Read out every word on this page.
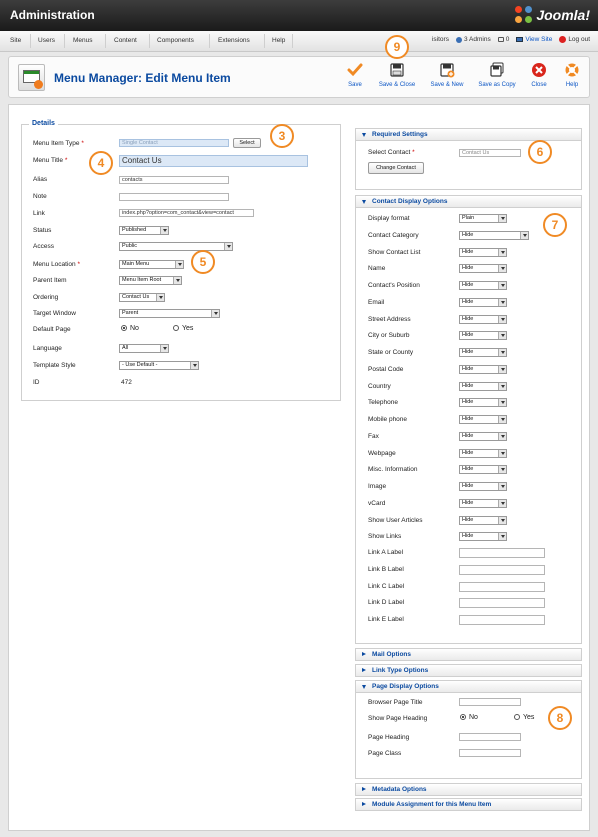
Administration	Joomla!
Site	Users	Menus	Content	Components	Extensions	Help	isitors 3 Admins 0 View Site Log out
Menu Manager: Edit Menu Item	Save	Save & Close	Save & New	Save as Copy	Close	Help
Details
Menu Item Type *	Single Contact	Select
Menu Title *	Contact Us
Alias	contacts
Note
Link	index.php?option=com_contact&view=contact
Status	Published
Access	Public
Menu Location *	Main Menu
Parent Item	Menu Item Root
Ordering	Contact Us
Target Window	Parent
Default Page	No	Yes
Language	All
Template Style	- Use Default -
ID	472
Required Settings
Select Contact *	Contact Us
Change Contact
Contact Display Options
Display format	Plain
Contact Category	Hide
Show Contact List	Hide
Name	Hide
Contact's Position	Hide
Email	Hide
Street Address	Hide
City or Suburb	Hide
State or County	Hide
Postal Code	Hide
Country	Hide
Telephone	Hide
Mobile phone	Hide
Fax	Hide
Webpage	Hide
Misc. Information	Hide
Image	Hide
vCard	Hide
Show User Articles	Hide
Show Links	Hide
Link A Label
Link B Label
Link C Label
Link D Label
Link E Label
Mail Options
Link Type Options
Page Display Options
Browser Page Title
Show Page Heading	No	Yes
Page Heading
Page Class
Metadata Options
Module Assignment for this Menu Item
3
4
5
6
7
8
9
